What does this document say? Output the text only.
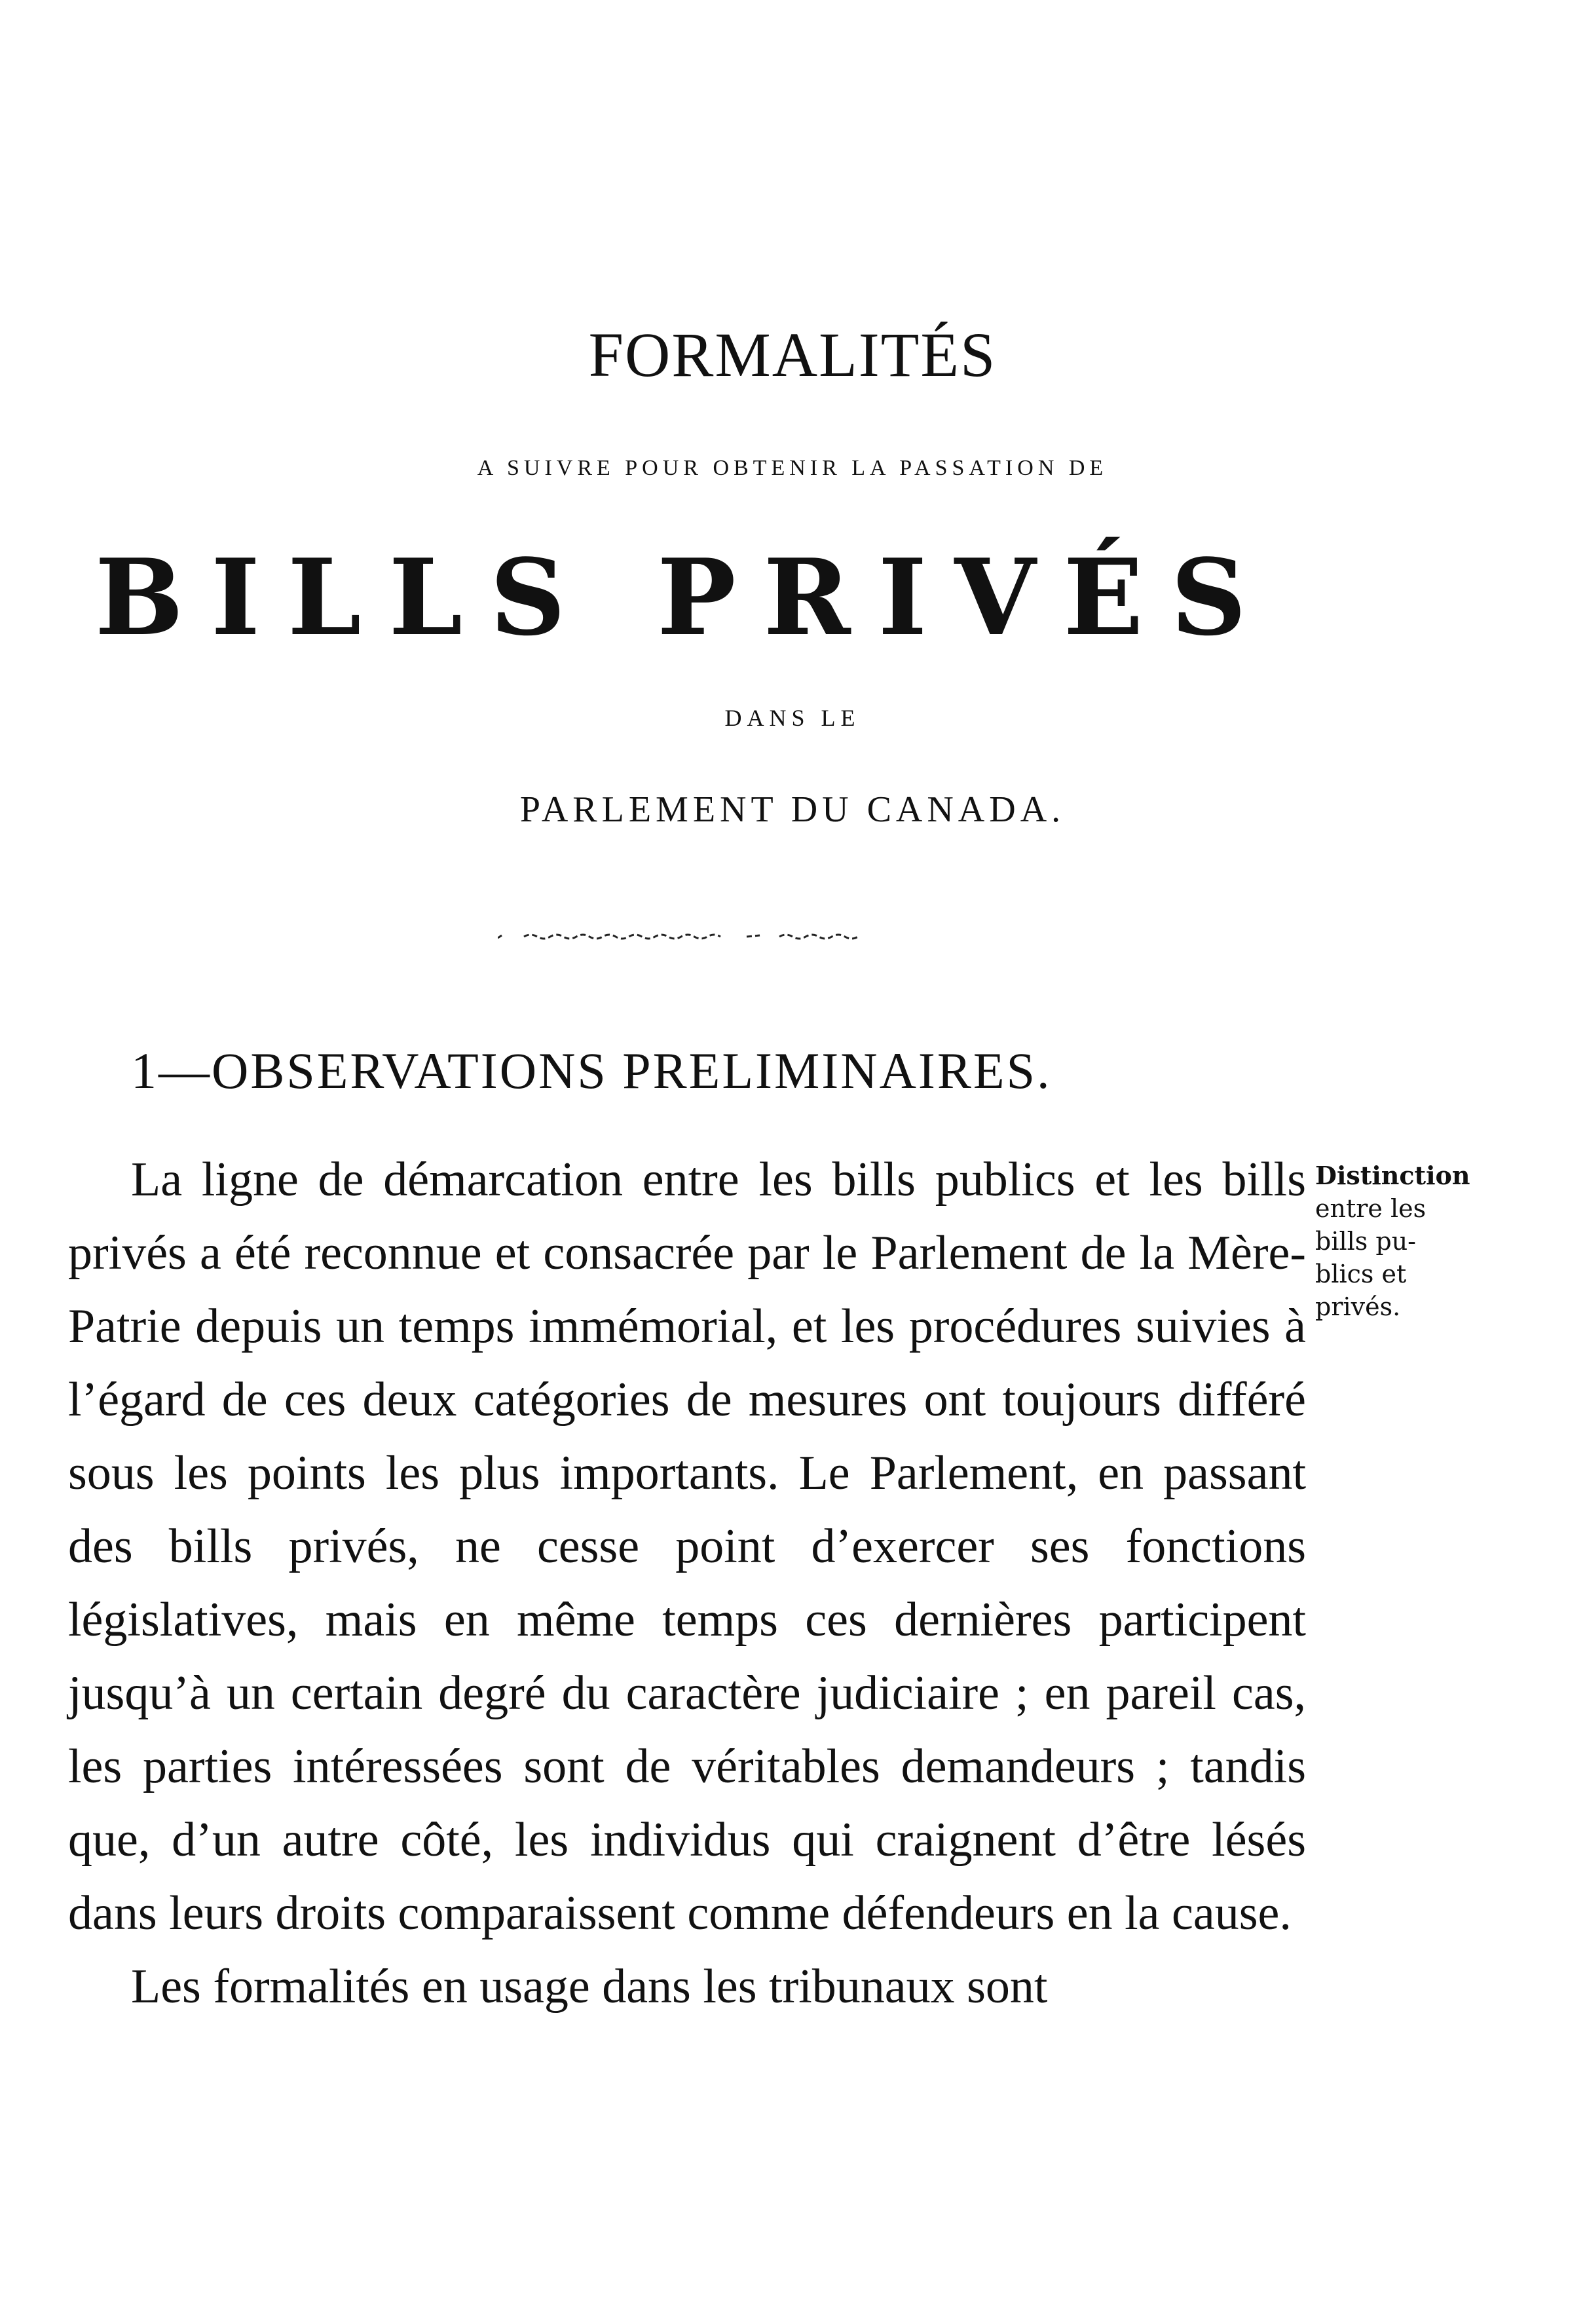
FORMALITÉS
A SUIVRE POUR OBTENIR LA PASSATION DE
BILLS PRIVÉS
DANS LE
PARLEMENT DU CANADA.
1—OBSERVATIONS PRELIMINAIRES.

La ligne de démarcation entre les bills publics et les bills privés a été reconnue et consacrée par le Parlement de la Mère-Patrie depuis un temps immémorial, et les procédures suivies à l’égard de ces deux catégories de mesures ont toujours différé sous les points les plus importants. Le Parlement, en passant des bills privés, ne cesse point d’exercer ses fonctions législatives, mais en même temps ces dernières participent jusqu’à un certain degré du caractère judiciaire ; en pareil cas, les parties intéressées sont de véritables demandeurs ; tandis que, d’un autre côté, les individus qui craignent d’être lésés dans leurs droits comparaissent comme défendeurs en la cause.

Les formalités en usage dans les tribunaux sont

Distinction
entre les
bills pu-
blics et
privés.
